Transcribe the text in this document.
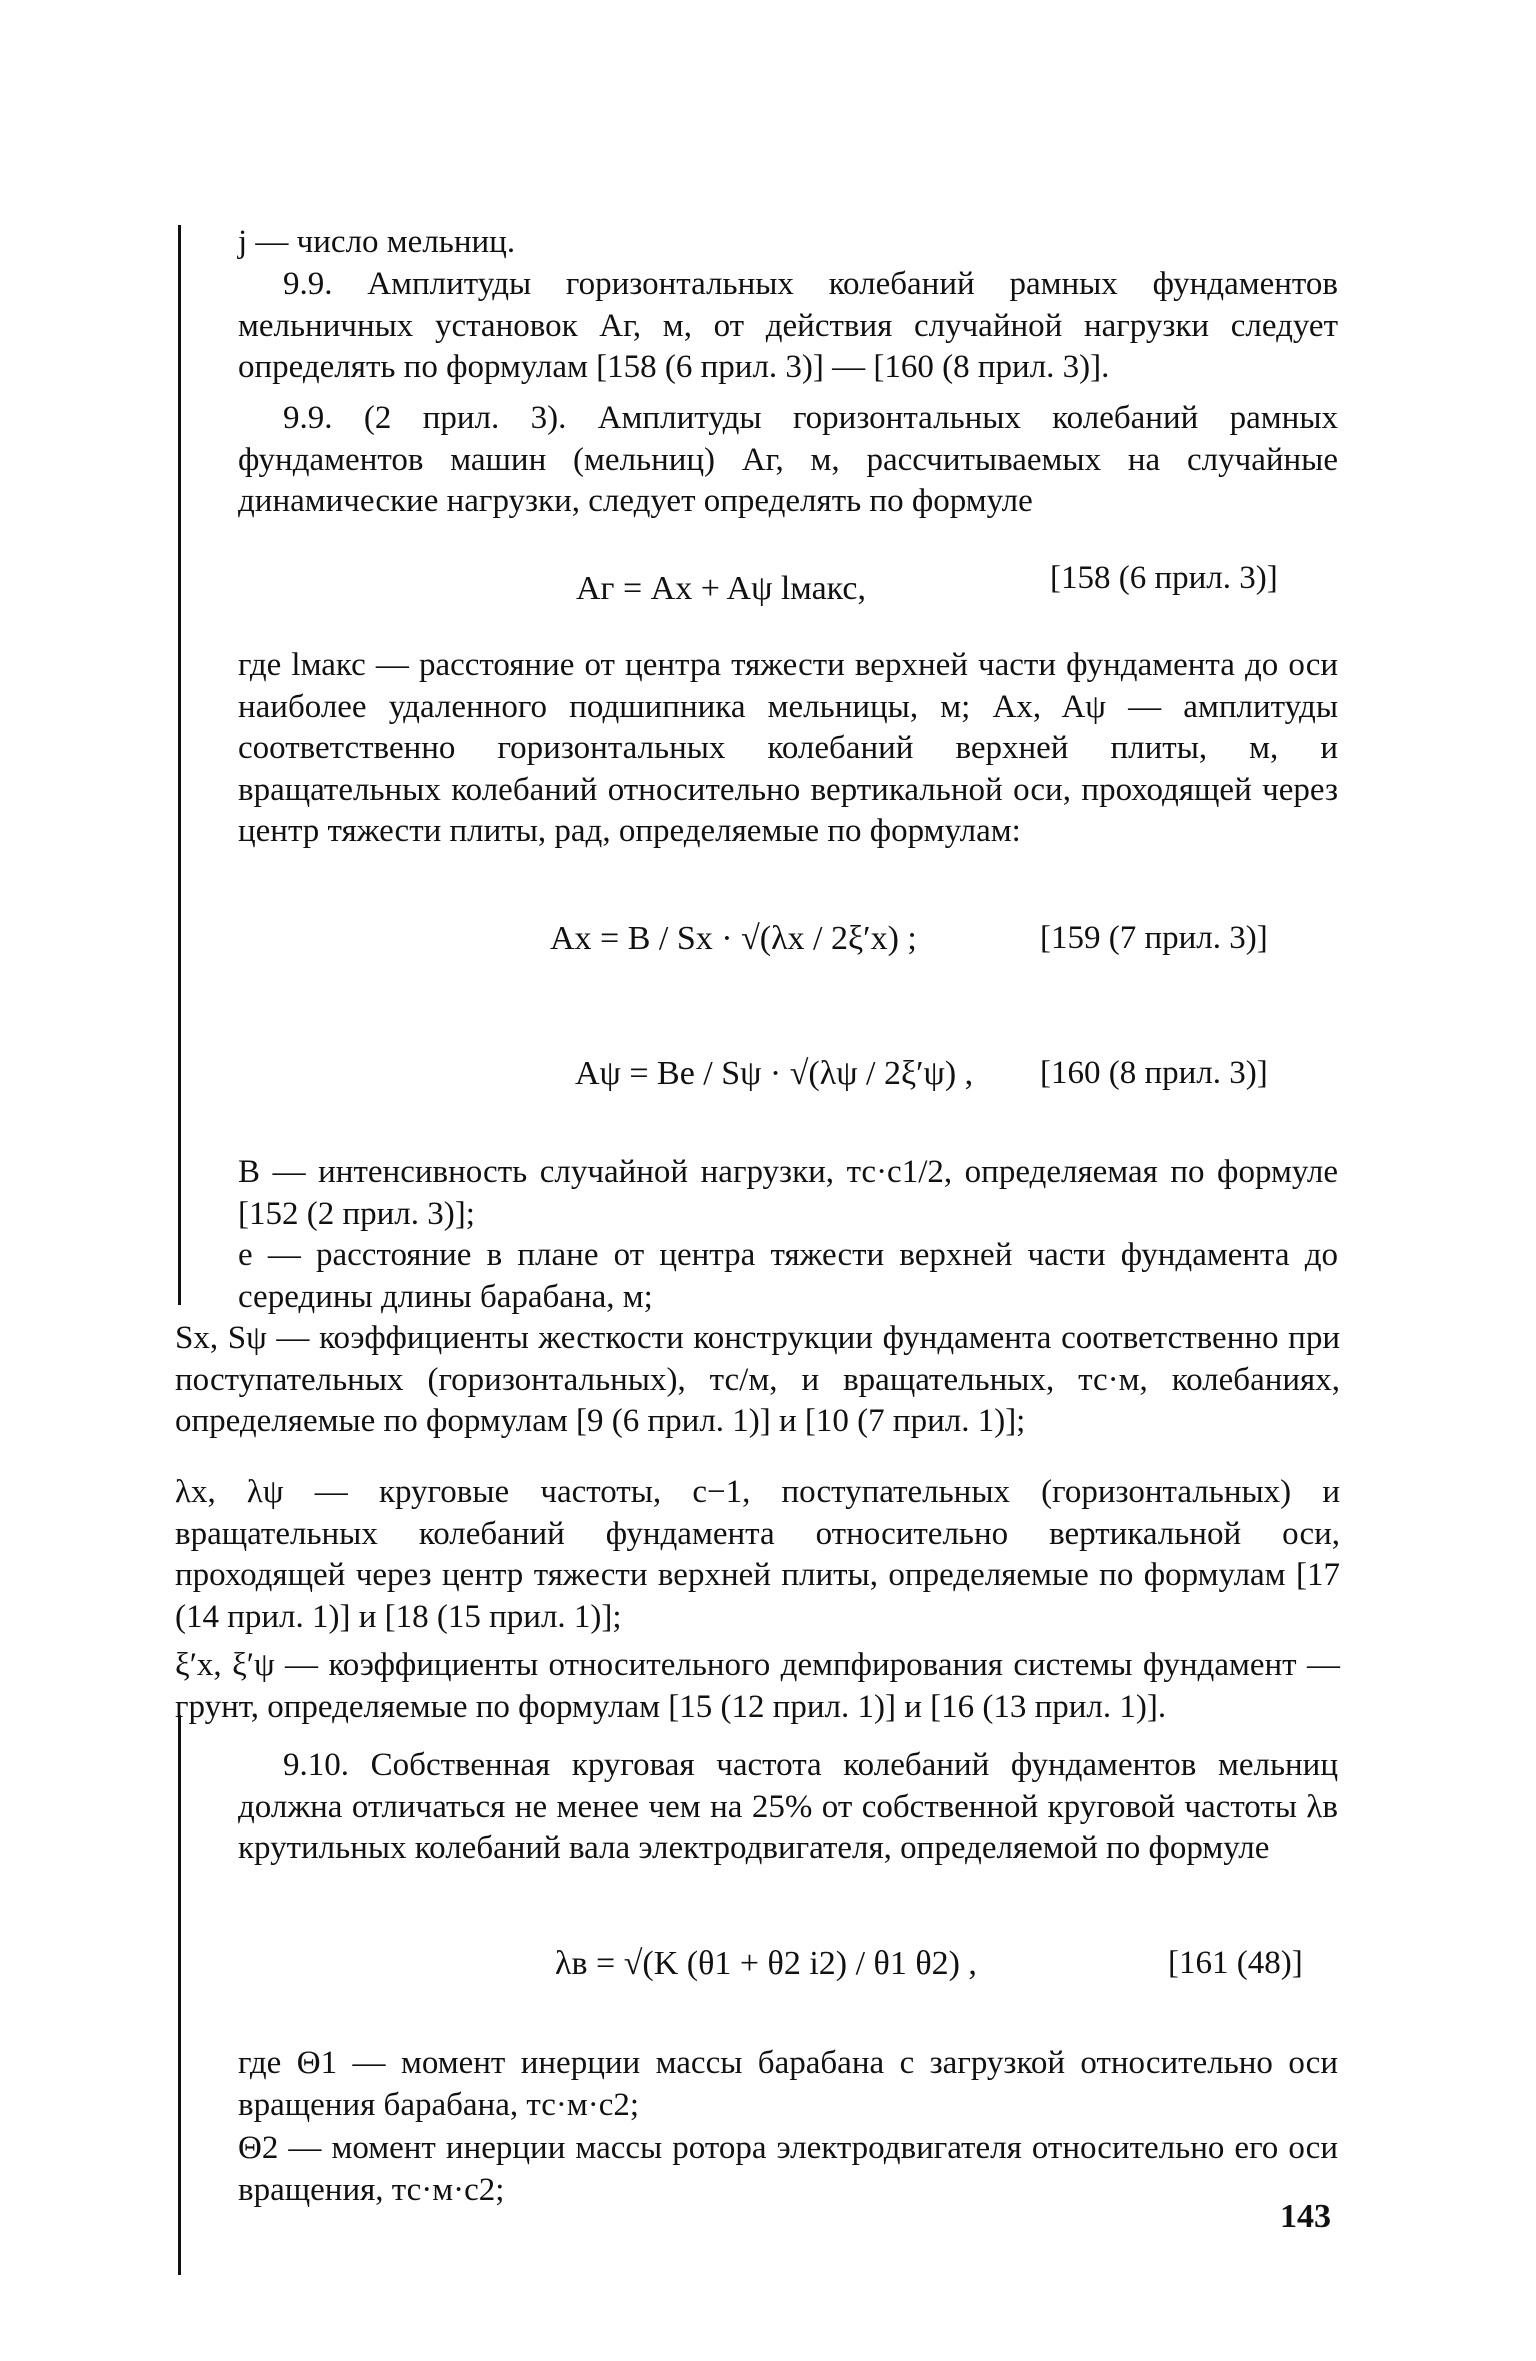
j — число мельниц.
9.9. Амплитуды горизонтальных колебаний рамных фундаментов мельничных установок Aг, м, от действия случайной нагрузки следует определять по формулам [158 (6 прил. 3)] — [160 (8 прил. 3)].
9.9. (2 прил. 3). Амплитуды горизонтальных колебаний рамных фундаментов машин (мельниц) Aг, м, рассчитываемых на случайные динамические нагрузки, следует определять по формуле
Aг = Ax + Aψ lмакс,	[158 (6 прил. 3)]
где lмакс — расстояние от центра тяжести верхней части фундамента до оси наиболее удаленного подшипника мельницы, м; Ax, Aψ — амплитуды соответственно горизонтальных колебаний верхней плиты, м, и вращательных колебаний относительно вертикальной оси, проходящей через центр тяжести плиты, рад, определяемые по формулам:
Ax = B / Sx · √(λx / 2ξ′x) ;	[159 (7 прил. 3)]
Aψ = Be / Sψ · √(λψ / 2ξ′ψ) , [160 (8 прил. 3)]
B — интенсивность случайной нагрузки, тс·c1/2, определяемая по формуле [152 (2 прил. 3)];
e — расстояние в плане от центра тяжести верхней части фундамента до середины длины барабана, м;
Sx, Sψ — коэффициенты жесткости конструкции фундамента соответственно при поступательных (горизонтальных), тс/м, и вращательных, тс·м, колебаниях, определяемые по формулам [9 (6 прил. 1)] и [10 (7 прил. 1)];
λx, λψ — круговые частоты, с−1, поступательных (горизонтальных) и вращательных колебаний фундамента относительно вертикальной оси, проходящей через центр тяжести верхней плиты, определяемые по формулам [17 (14 прил. 1)] и [18 (15 прил. 1)];
ξ′x, ξ′ψ — коэффициенты относительного демпфирования системы фундамент — грунт, определяемые по формулам [15 (12 прил. 1)] и [16 (13 прил. 1)].
9.10. Собственная круговая частота колебаний фундаментов мельниц должна отличаться не менее чем на 25% от собственной круговой частоты λв крутильных колебаний вала электродвигателя, определяемой по формуле
λв = √(K (θ1 + θ2 i2) / θ1 θ2) ,	[161 (48)]
где Θ1 — момент инерции массы барабана с загрузкой относительно оси вращения барабана, тс·м·с2;
Θ2 — момент инерции массы ротора электродвигателя относительно его оси вращения, тс·м·с2;
143
